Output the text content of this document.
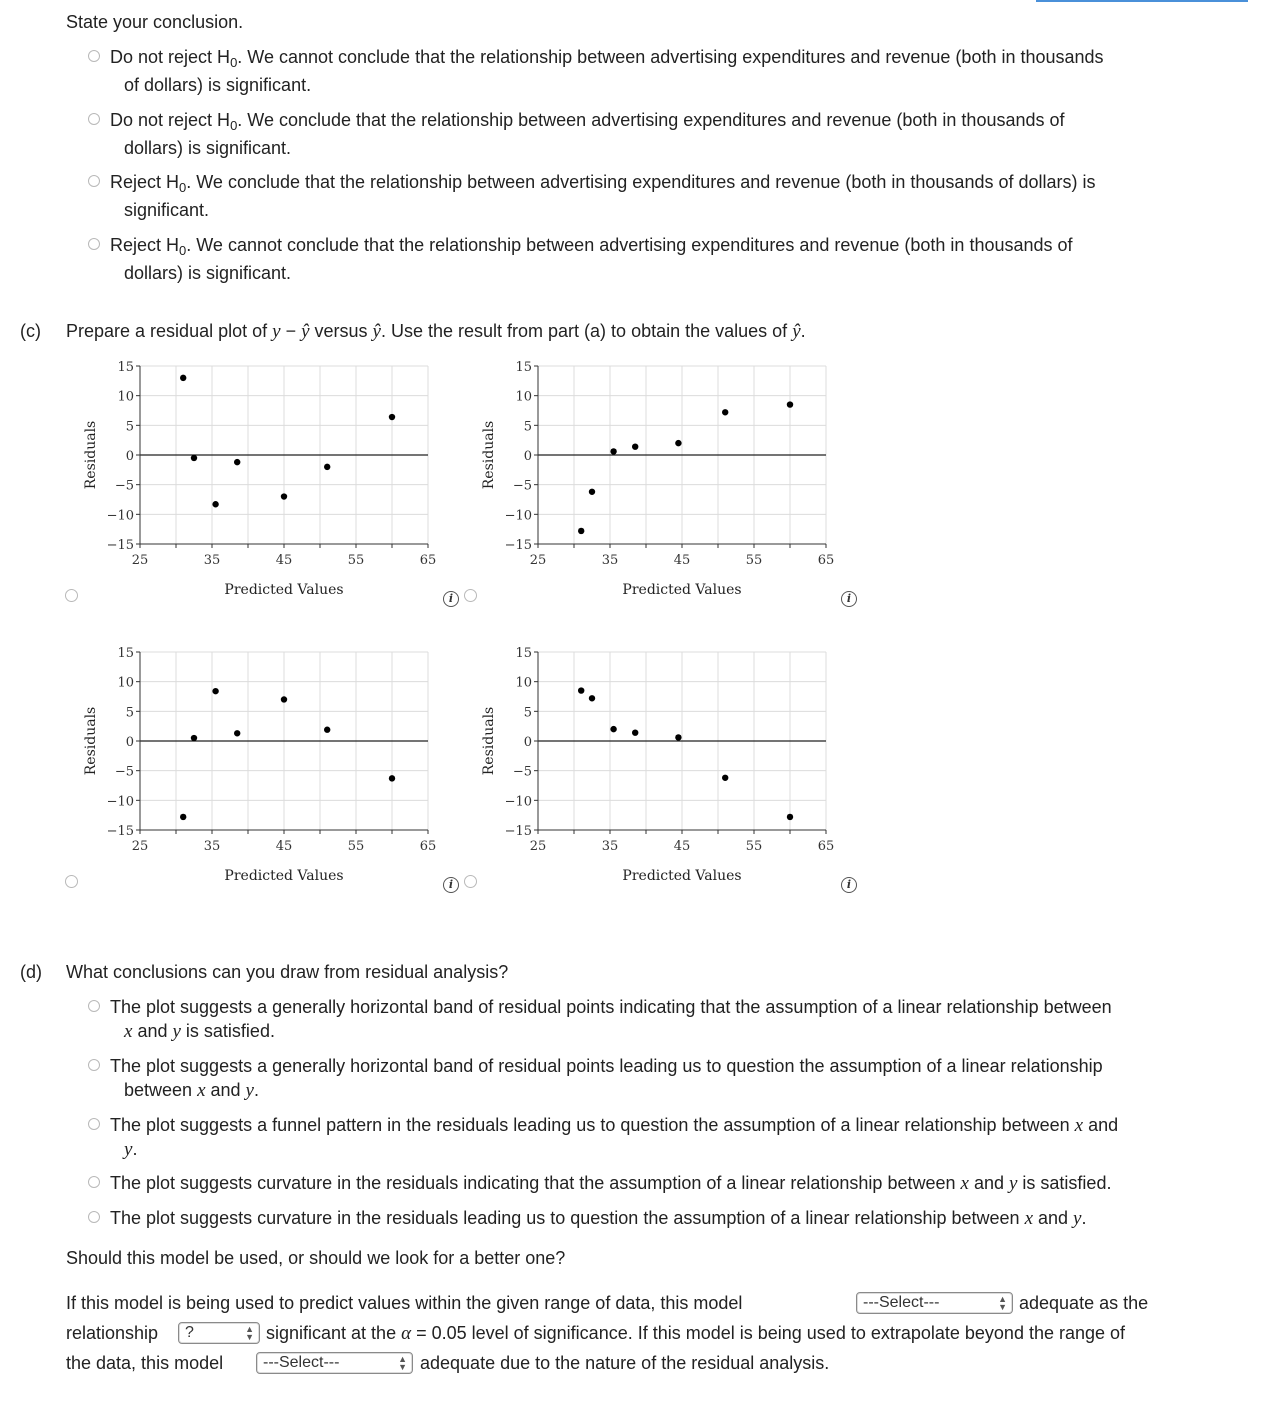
State your conclusion.
Do not reject $H_0$. We cannot conclude that the relationship between advertising expenditures and revenue (both in thousands
of dollars) is significant.
Do not reject $H_0$. We conclude that the relationship between advertising expenditures and revenue (both in thousands of
dollars) is significant.
Reject $H_0$. We conclude that the relationship between advertising expenditures and revenue (both in thousands of dollars) is
significant.
Reject $H_0$. We cannot conclude that the relationship between advertising expenditures and revenue (both in thousands of
dollars) is significant.
(c) Prepare a residual plot of y − ŷ versus ŷ. Use the result from part (a) to obtain the values of ŷ.
15
10
5
0
−5
−10
−15
25	35	45	55	65
Predicted Values
Residuals
15
10
5
0
−5
−10
−15
25	35	45	55	65
Predicted Values
Residuals
15
10
5
0
−5
−10
−15
25	35	45	55	65
Predicted Values
Residuals
15
10
5
0
−5
−10
−15
25	35	45	55	65
Predicted Values
Residuals
i	i
i	i
(d) What conclusions can you draw from residual analysis?
The plot suggests a generally horizontal band of residual points indicating that the assumption of a linear relationship between
x and y is satisfied.
The plot suggests a generally horizontal band of residual points leading us to question the assumption of a linear relationship
between x and y.
The plot suggests a funnel pattern in the residuals leading us to question the assumption of a linear relationship between x and
y.
The plot suggests curvature in the residuals indicating that the assumption of a linear relationship between x and y is satisfied.
The plot suggests curvature in the residuals leading us to question the assumption of a linear relationship between x and y.
Should this model be used, or should we look for a better one?
If this model is being used to predict values within the given range of data, this model	---Select---	▲
▼ adequate as the
relationship	?	▲
▼ significant at the α = 0.05 level of significance. If this model is being used to extrapolate beyond the range of
the data, this model	---Select---	▲
▼ adequate due to the nature of the residual analysis.
